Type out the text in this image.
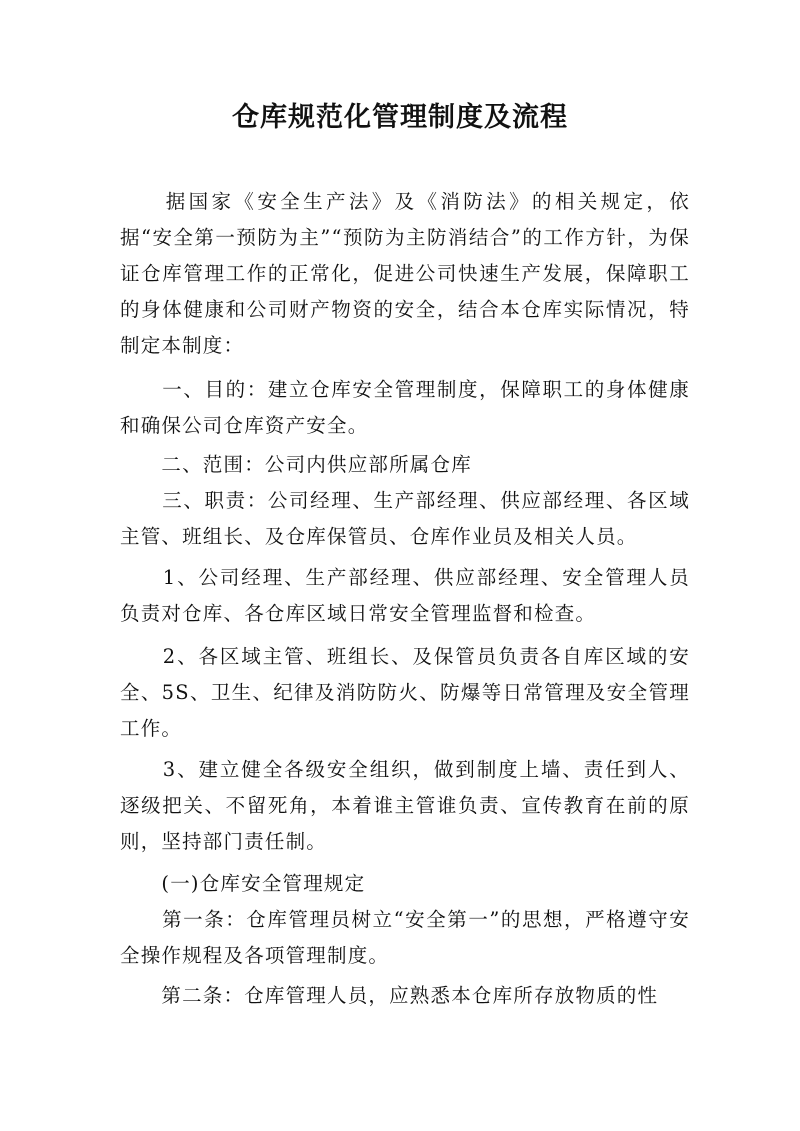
仓库规范化管理制度及流程
　　据国家《安全生产法》及《消防法》的相关规定，依据“安全第一预防为主”“预防为主防消结合”的工作方针，为保证仓库管理工作的正常化，促进公司快速生产发展，保障职工的身体健康和公司财产物资的安全，结合本仓库实际情况，特制定本制度：
　　一、目的：建立仓库安全管理制度，保障职工的身体健康和确保公司仓库资产安全。
　　二、范围：公司内供应部所属仓库
　　三、职责：公司经理、生产部经理、供应部经理、各区域主管、班组长、及仓库保管员、仓库作业员及相关人员。
　　1、公司经理、生产部经理、供应部经理、安全管理人员负责对仓库、各仓库区域日常安全管理监督和检查。
　　2、各区域主管、班组长、及保管员负责各自库区域的安全、5S、卫生、纪律及消防防火、防爆等日常管理及安全管理工作。
　　3、建立健全各级安全组织，做到制度上墙、责任到人、逐级把关、不留死角，本着谁主管谁负责、宣传教育在前的原则，坚持部门责任制。
　　(一)仓库安全管理规定
　　第一条：仓库管理员树立“安全第一”的思想，严格遵守安全操作规程及各项管理制度。
　　第二条：仓库管理人员，应熟悉本仓库所存放物质的性
